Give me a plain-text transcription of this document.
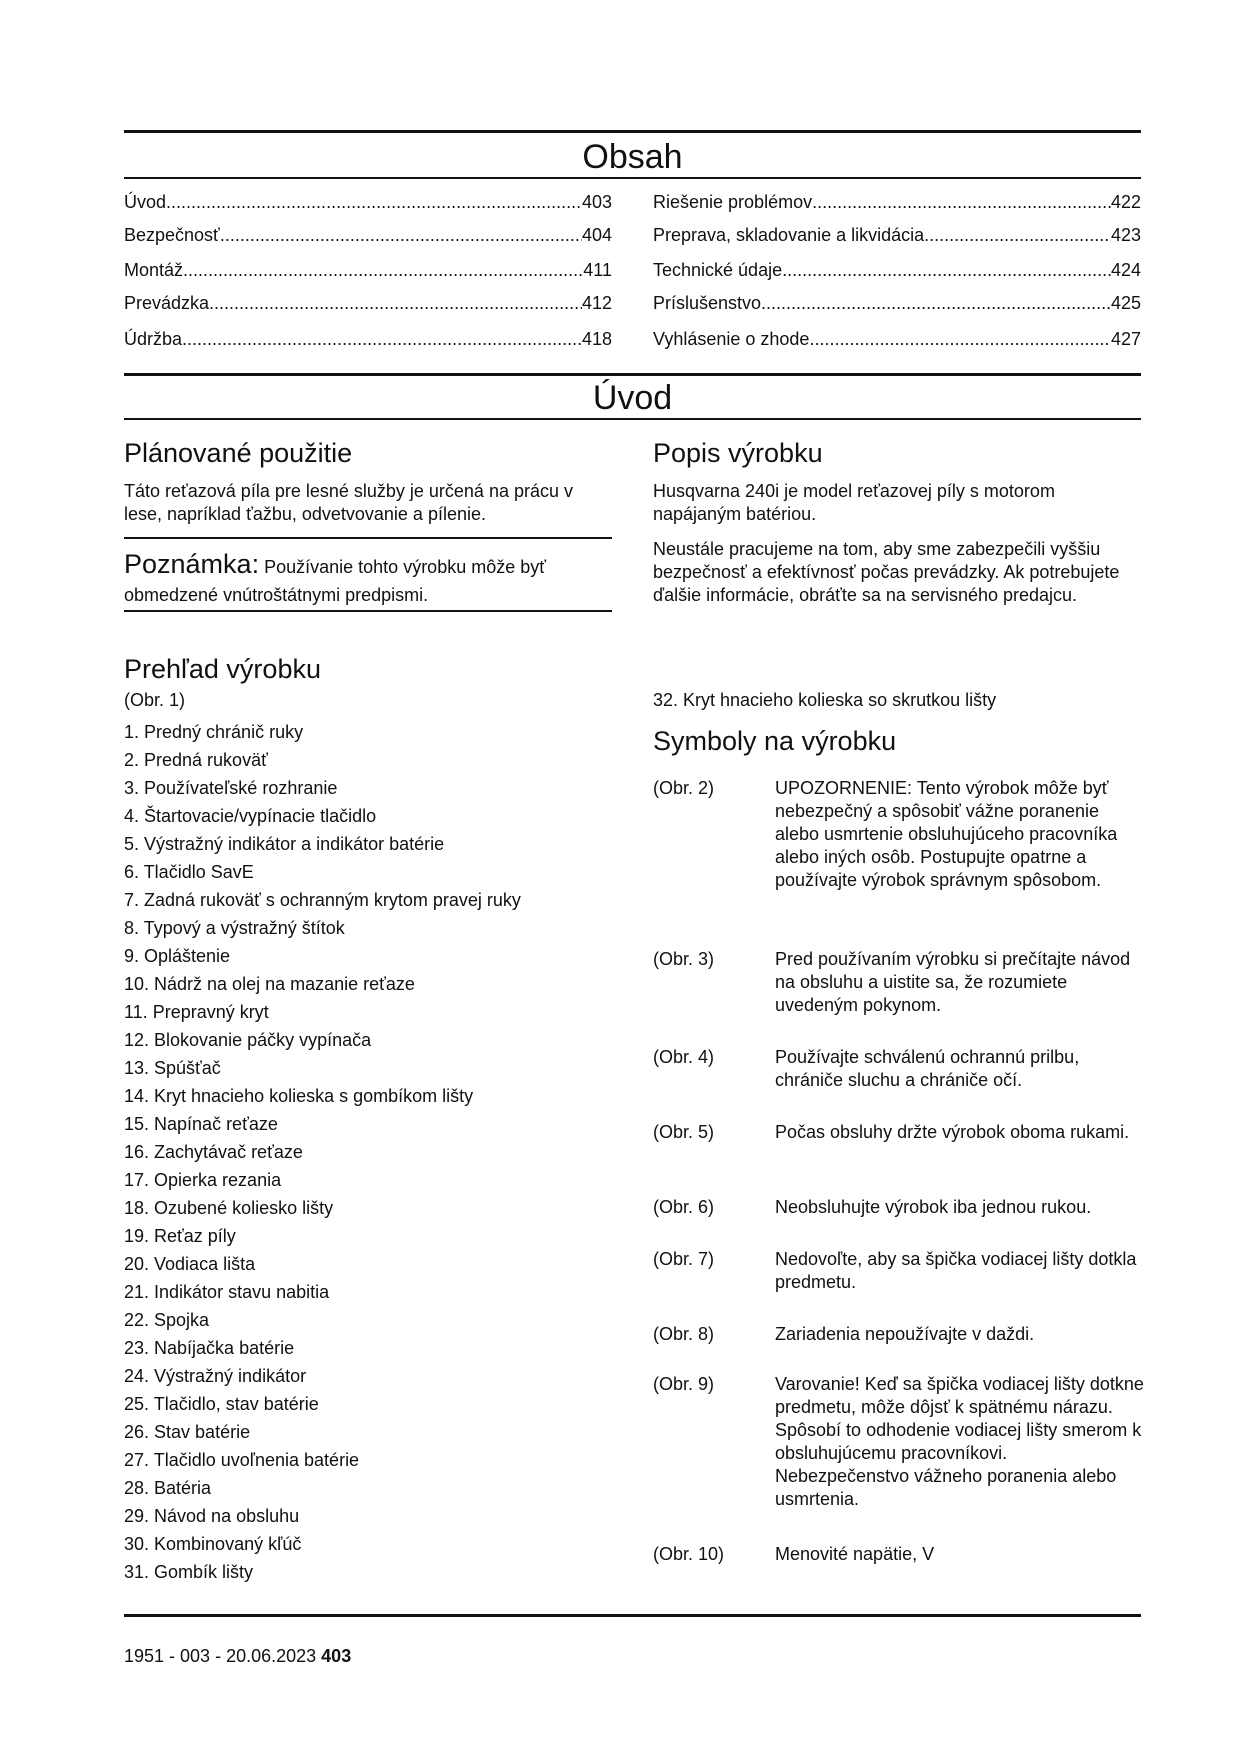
Obsah
Úvod .....	403
Bezpečnosť .....	404
Montáž .....	411
Prevádzka .....	412
Údržba .....	418
Riešenie problémov .....	422
Preprava, skladovanie a likvidácia .....	423
Technické údaje .....	424
Príslušenstvo .....	425
Vyhlásenie o zhode .....	427
Úvod
Plánované použitie
Táto reťazová píla pre lesné služby je určená na prácu v lese, napríklad ťažbu, odvetvovanie a pílenie.
Poznámka: Používanie tohto výrobku môže byť obmedzené vnútroštátnymi predpismi.
Popis výrobku
Husqvarna 240i je model reťazovej píly s motorom napájaným batériou.
Neustále pracujeme na tom, aby sme zabezpečili vyššiu bezpečnosť a efektívnosť počas prevádzky. Ak potrebujete ďalšie informácie, obráťte sa na servisného predajcu.
Prehľad výrobku
(Obr. 1)
1. Predný chránič ruky
2. Predná rukoväť
3. Používateľské rozhranie
4. Štartovacie/vypínacie tlačidlo
5. Výstražný indikátor a indikátor batérie
6. Tlačidlo SavE
7. Zadná rukoväť s ochranným krytom pravej ruky
8. Typový a výstražný štítok
9. Opláštenie
10. Nádrž na olej na mazanie reťaze
11. Prepravný kryt
12. Blokovanie páčky vypínača
13. Spúšťač
14. Kryt hnacieho kolieska s gombíkom lišty
15. Napínač reťaze
16. Zachytávač reťaze
17. Opierka rezania
18. Ozubené koliesko lišty
19. Reťaz píly
20. Vodiaca lišta
21. Indikátor stavu nabitia
22. Spojka
23. Nabíjačka batérie
24. Výstražný indikátor
25. Tlačidlo, stav batérie
26. Stav batérie
27. Tlačidlo uvoľnenia batérie
28. Batéria
29. Návod na obsluhu
30. Kombinovaný kľúč
31. Gombík lišty
32. Kryt hnacieho kolieska so skrutkou lišty
Symboly na výrobku
(Obr. 2)	UPOZORNENIE: Tento výrobok môže byť nebezpečný a spôsobiť vážne poranenie alebo usmrtenie obsluhujúceho pracovníka alebo iných osôb. Postupujte opatrne a používajte výrobok správnym spôsobom.
(Obr. 3)	Pred používaním výrobku si prečítajte návod na obsluhu a uistite sa, že rozumiete uvedeným pokynom.
(Obr. 4)	Používajte schválenú ochrannú prilbu, chrániče sluchu a chrániče očí.
(Obr. 5)	Počas obsluhy držte výrobok oboma rukami.
(Obr. 6)	Neobsluhujte výrobok iba jednou rukou.
(Obr. 7)	Nedovoľte, aby sa špička vodiacej lišty dotkla predmetu.
(Obr. 8)	Zariadenia nepoužívajte v daždi.
(Obr. 9)	Varovanie! Keď sa špička vodiacej lišty dotkne predmetu, môže dôjsť k spätnému nárazu. Spôsobí to odhodenie vodiacej lišty smerom k obsluhujúcemu pracovníkovi. Nebezpečenstvo vážneho poranenia alebo usmrtenia.
(Obr. 10)	Menovité napätie, V
1951 - 003 - 20.06.2023 403
